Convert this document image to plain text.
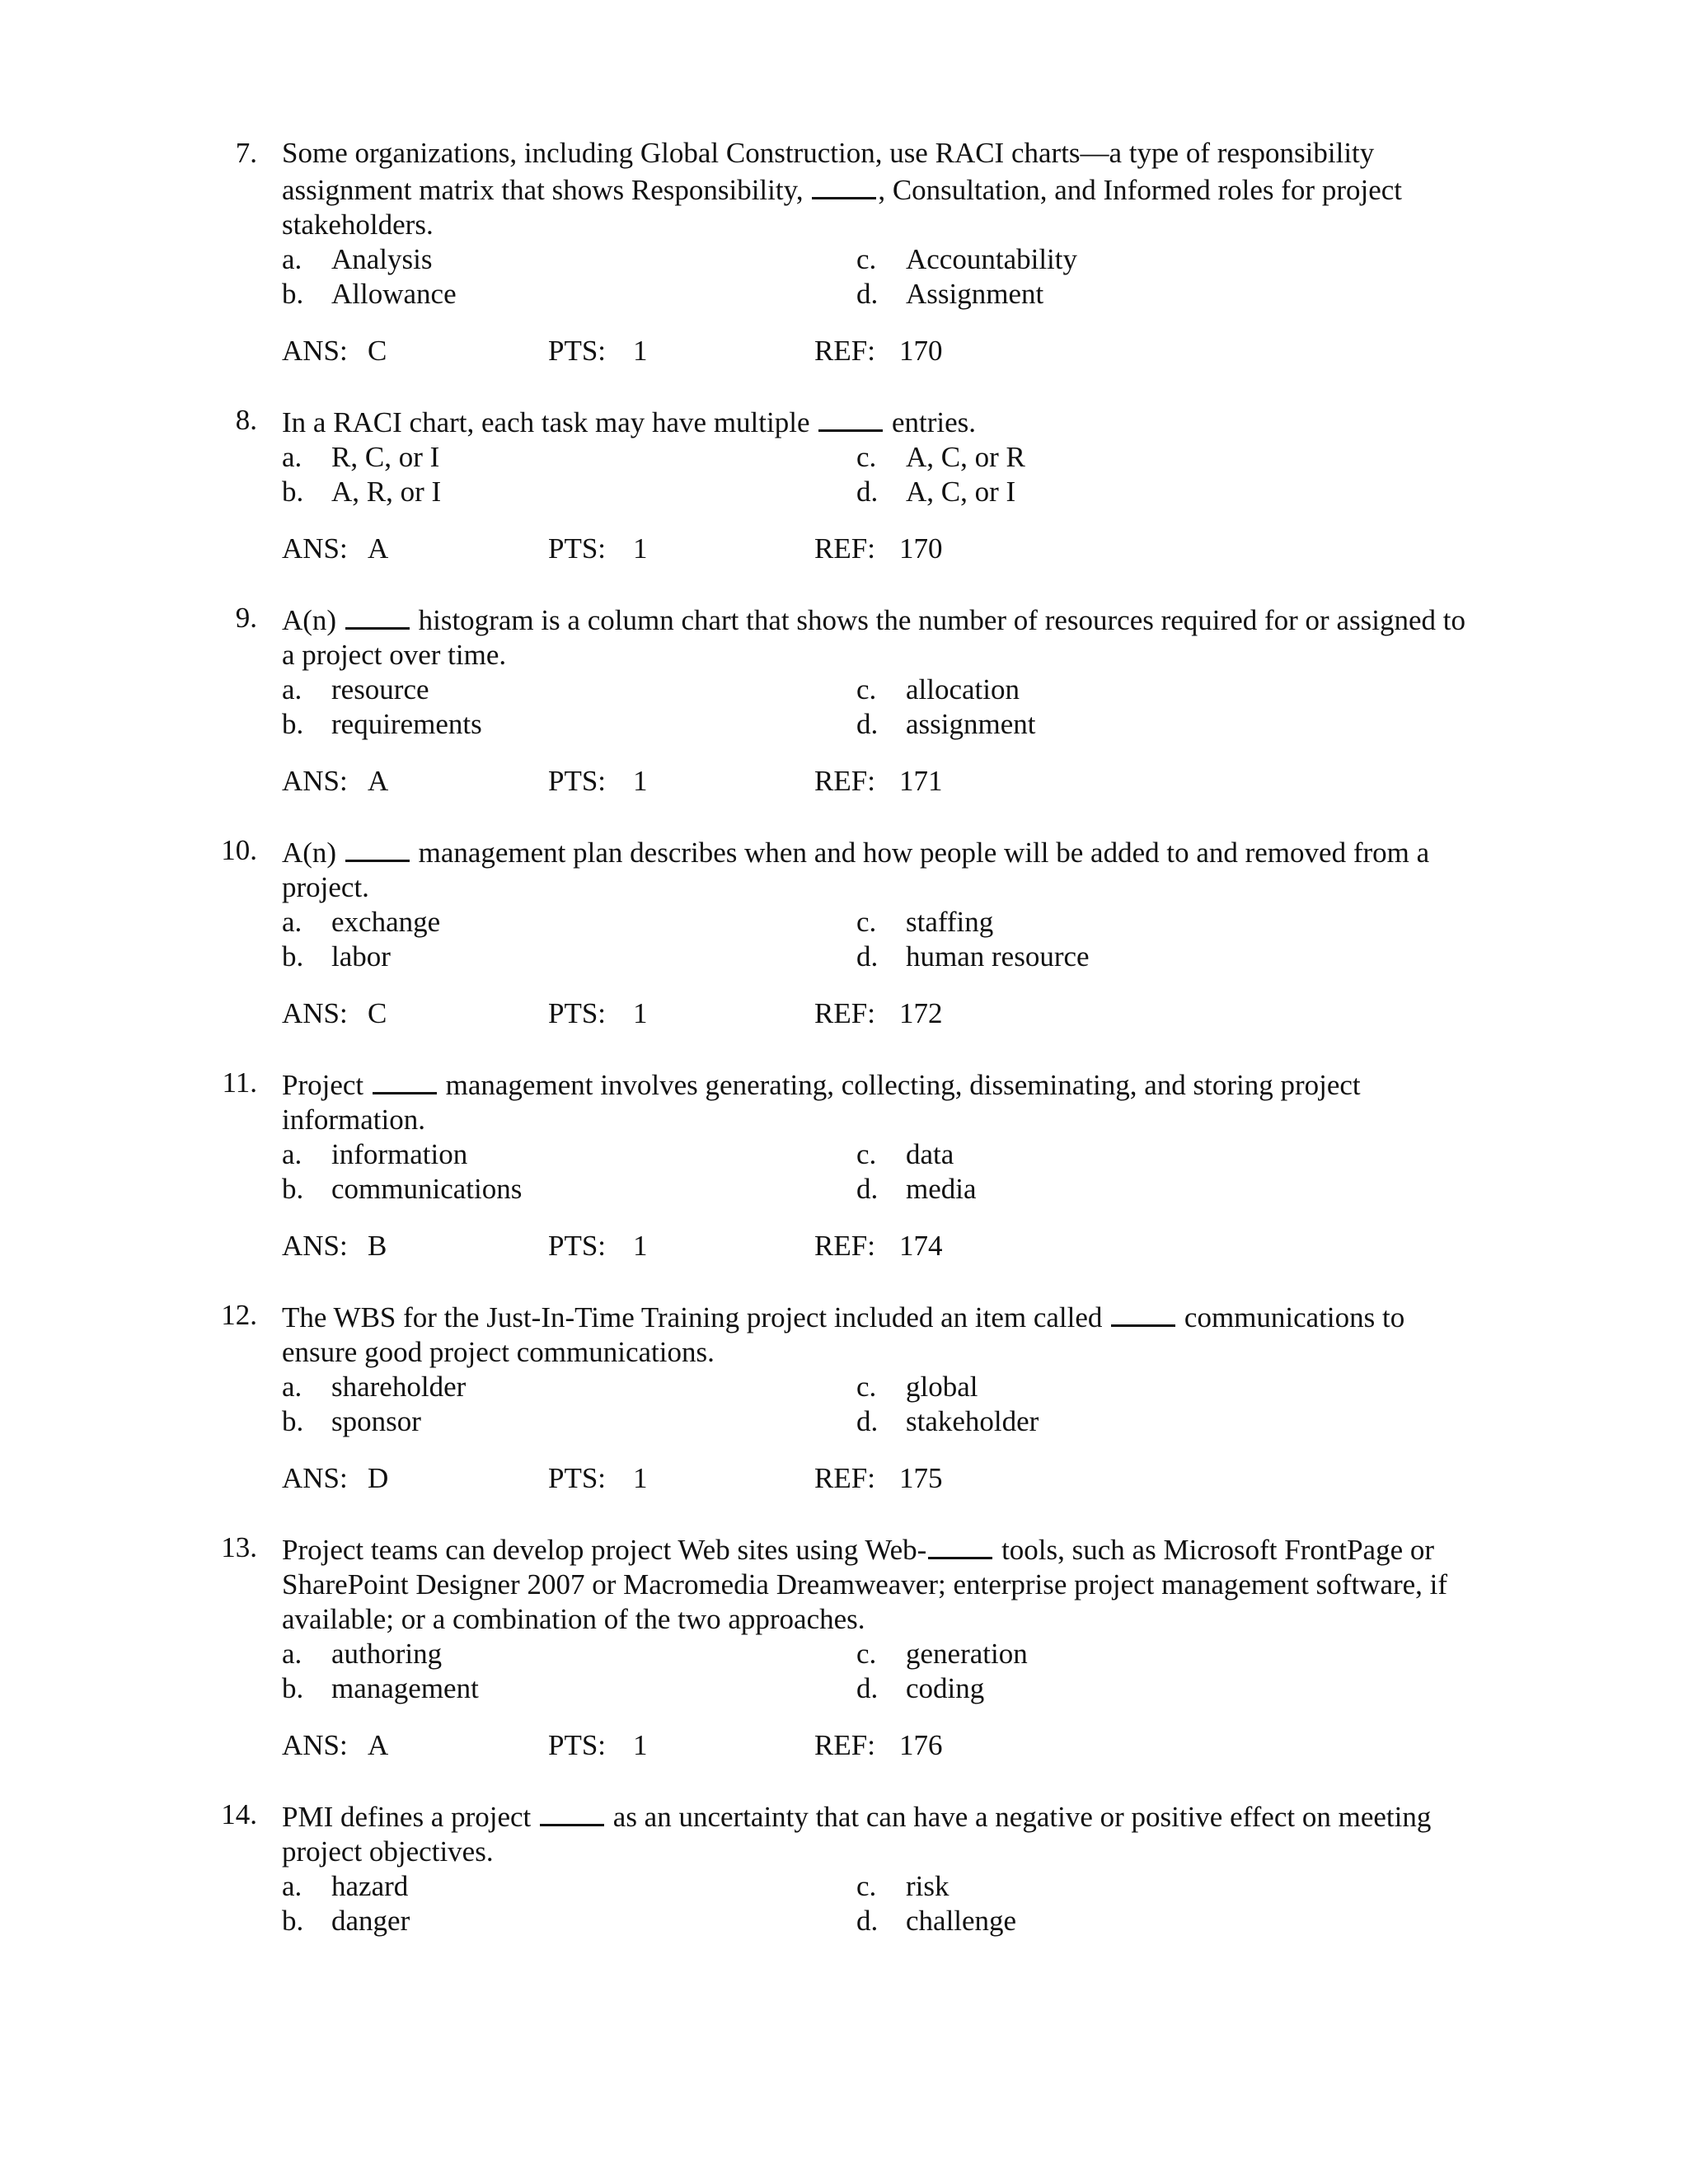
7. Some organizations, including Global Construction, use RACI charts—a type of responsibility
assignment matrix that shows Responsibility, , Consultation, and Informed roles for project
stakeholders.
a. Analysis
b. Allowance
c. Accountability
d. Assignment
ANS: C	PTS: 1	REF: 170
8. In a RACI chart, each task may have multiple  entries.
a. R, C, or I
b. A, R, or I
c. A, C, or R
d. A, C, or I
ANS: A	PTS: 1	REF: 170
9. A(n)  histogram is a column chart that shows the number of resources required for or assigned to
a project over time.
a. resource
b. requirements
c. allocation
d. assignment
ANS: A	PTS: 1	REF: 171
10. A(n)  management plan describes when and how people will be added to and removed from a
project.
a. exchange
b. labor
c. staffing
d. human resource
ANS: C	PTS: 1	REF: 172
11. Project  management involves generating, collecting, disseminating, and storing project
information.
a. information
b. communications
c. data
d. media
ANS: B	PTS: 1	REF: 174
12. The WBS for the Just-In-Time Training project included an item called  communications to
ensure good project communications.
a. shareholder
b. sponsor
c. global
d. stakeholder
ANS: D	PTS: 1	REF: 175
13. Project teams can develop project Web sites using Web- tools, such as Microsoft FrontPage or
SharePoint Designer 2007 or Macromedia Dreamweaver; enterprise project management software, if
available; or a combination of the two approaches.
a. authoring
b. management
c. generation
d. coding
ANS: A	PTS: 1	REF: 176
14. PMI defines a project  as an uncertainty that can have a negative or positive effect on meeting
project objectives.
a. hazard
b. danger
c. risk
d. challenge
